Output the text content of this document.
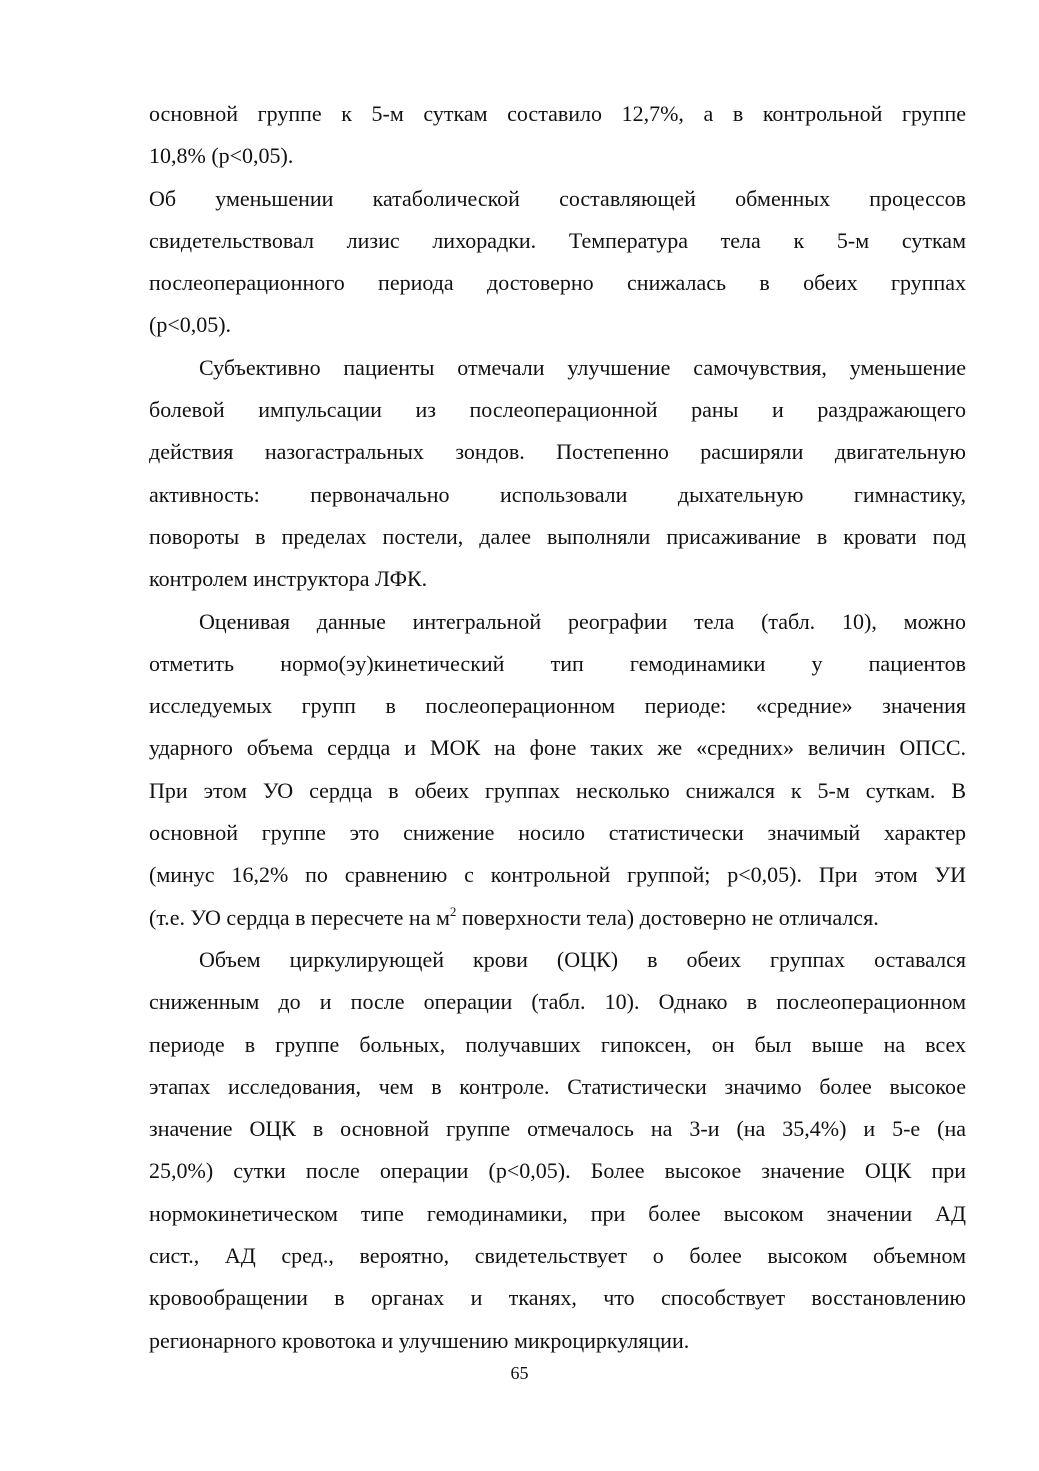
основной группе к 5-м суткам составило 12,7%, а в контрольной группе
10,8% (р<0,05).
Об уменьшении катаболической составляющей обменных процессов
свидетельствовал лизис лихорадки. Температура тела к 5-м суткам
послеоперационного периода достоверно снижалась в обеих группах
(р<0,05).
Субъективно пациенты отмечали улучшение самочувствия, уменьшение
болевой импульсации из послеоперационной раны и раздражающего
действия назогастральных зондов. Постепенно расширяли двигательную
активность: первоначально использовали дыхательную гимнастику,
повороты в пределах постели, далее выполняли присаживание в кровати под
контролем инструктора ЛФК.
Оценивая данные интегральной реографии тела (табл. 10), можно
отметить нормо(эу)кинетический тип гемодинамики у пациентов
исследуемых групп в послеоперационном периоде: «средние» значения
ударного объема сердца и МОК на фоне таких же «средних» величин ОПСС.
При этом УО сердца в обеих группах несколько снижался к 5-м суткам. В
основной группе это снижение носило статистически значимый характер
(минус 16,2% по сравнению с контрольной группой; р<0,05). При этом УИ
(т.е. УО сердца в пересчете на $м^2$ поверхности тела) достоверно не отличался.
Объем циркулирующей крови (ОЦК) в обеих группах оставался
сниженным до и после операции (табл. 10). Однако в послеоперационном
периоде в группе больных, получавших гипоксен, он был выше на всех
этапах исследования, чем в контроле. Статистически значимо более высокое
значение ОЦК в основной группе отмечалось на 3-и (на 35,4%) и 5-е (на
25,0%) сутки после операции (р<0,05). Более высокое значение ОЦК при
нормокинетическом типе гемодинамики, при более высоком значении АД
сист., АД сред., вероятно, свидетельствует о более высоком объемном
кровообращении в органах и тканях, что способствует восстановлению
регионарного кровотока и улучшению микроциркуляции.
65
